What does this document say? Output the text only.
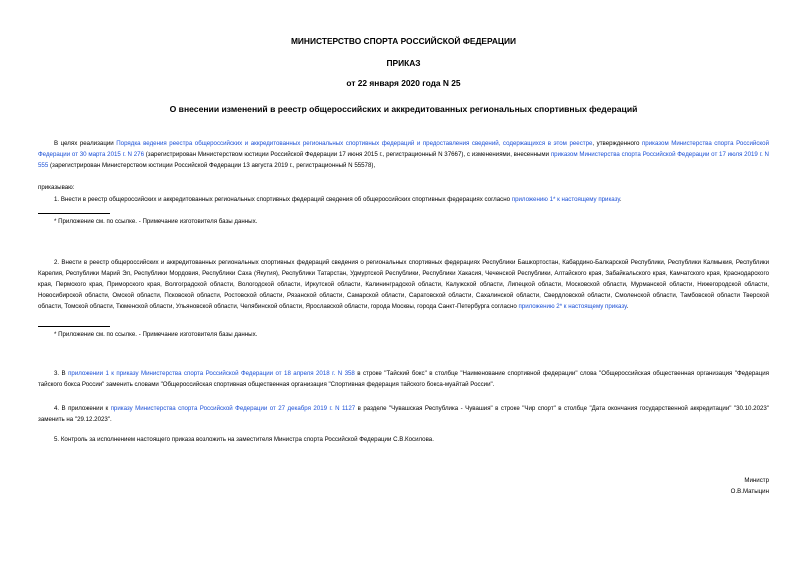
МИНИСТЕРСТВО СПОРТА РОССИЙСКОЙ ФЕДЕРАЦИИ
ПРИКАЗ
от 22 января 2020 года N 25
О внесении изменений в реестр общероссийских и аккредитованных региональных спортивных федераций

В целях реализации Порядка ведения реестра общероссийских и аккредитованных региональных спортивных федераций и предоставления сведений, содержащихся в этом реестре, утвержденного приказом Министерства спорта Российской Федерации от 30 марта 2015 г. N 276 (зарегистрирован Министерством юстиции Российской Федерации 17 июня 2015 г., регистрационный N 37667), с изменениями, внесенными приказом Министерства спорта Российской Федерации от 17 июля 2019 г. N 555 (зарегистрирован Министерством юстиции Российской Федерации 13 августа 2019 г., регистрационный N 55578),

приказываю:

1. Внести в реестр общероссийских и аккредитованных региональных спортивных федераций сведения об общероссийских спортивных федерациях согласно приложению 1* к настоящему приказу.

* Приложение см. по ссылке. - Примечание изготовителя базы данных.

2. Внести в реестр общероссийских и аккредитованных региональных спортивных федераций сведения о региональных спортивных федерациях Республики Башкортостан, Кабардино-Балкарской Республики, Республики Калмыкия, Республики Карелия, Республики Марий Эл, Республики Мордовия, Республики Саха (Якутия), Республики Татарстан, Удмуртской Республики, Республики Хакасия, Чеченской Республики, Алтайского края, Забайкальского края, Камчатского края, Краснодарского края, Пермского края, Приморского края, Волгоградской области, Вологодской области, Иркутской области, Калининградской области, Калужской области, Липецкой области, Московской области, Мурманской области, Нижегородской области, Новосибирской области, Омской области, Псковской области, Ростовской области, Рязанской области, Самарской области, Саратовской области, Сахалинской области, Свердловской области, Смоленской области, Тамбовской области Тверской области, Томской области, Тюменской области, Ульяновской области, Челябинской области, Ярославской области, города Москвы, города Санкт-Петербурга согласно приложению 2* к настоящему приказу.

* Приложение см. по ссылке. - Примечание изготовителя базы данных.

3. В приложении 1 к приказу Министерства спорта Российской Федерации от 18 апреля 2018 г. N 358 в строке "Тайский бокс" в столбце "Наименование спортивной федерации" слова "Общероссийская общественная организация "Федерация тайского бокса России" заменить словами "Общероссийская спортивная общественная организация "Спортивная федерация тайского бокса-муайтай России".

4. В приложении к приказу Министерства спорта Российской Федерации от 27 декабря 2019 г. N 1127 в разделе "Чувашская Республика - Чувашия" в строке "Чир спорт" в столбце "Дата окончания государственной аккредитации" "30.10.2023" заменить на "29.12.2023".

5. Контроль за исполнением настоящего приказа возложить на заместителя Министра спорта Российской Федерации С.В.Косилова.

Министр
О.В.Матыцин
